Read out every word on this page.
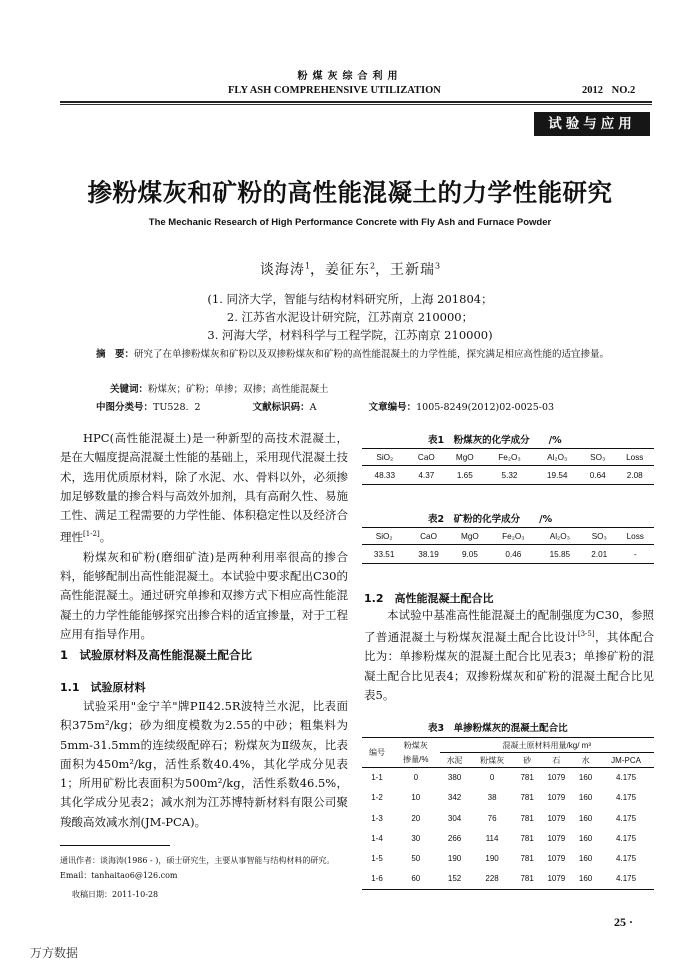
粉煤灰综合利用
FLY ASH COMPREHENSIVE UTILIZATION	2012 NO.2
试验与应用
掺粉煤灰和矿粉的高性能混凝土的力学性能研究
The Mechanic Research of High Performance Concrete with Fly Ash and Furnace Powder
谈海涛$^1$，姜征东$^2$，王新瑞$^3$
(1. 同济大学，智能与结构材料研究所，上海 201804；
2. 江苏省水泥设计研究院，江苏南京 210000；
3. 河海大学，材料科学与工程学院，江苏南京 210000)
摘　要：研究了在单掺粉煤灰和矿粉以及双掺粉煤灰和矿粉的高性能混凝土的力学性能，探究满足相应高性能的适宜掺量。
关键词：粉煤灰；矿粉；单掺；双掺；高性能混凝土
中图分类号：TU528. 2	文献标识码：A	文章编号：1005-8249(2012)02-0025-03

HPC(高性能混凝土)是一种新型的高技术混凝土，是在大幅度提高混凝土性能的基础上，采用现代混凝土技术，选用优质原材料，除了水泥、水、骨料以外，必须掺加足够数量的掺合料与高效外加剂，具有高耐久性、易施工性、满足工程需要的力学性能、体积稳定性以及经济合理性[1-2]。

粉煤灰和矿粉(磨细矿渣)是两种利用率很高的掺合料，能够配制出高性能混凝土。本试验中要求配出C30的高性能混凝土。通过研究单掺和双掺方式下相应高性能混凝土的力学性能能够探究出掺合料的适宜掺量，对于工程应用有指导作用。

1　试验原材料及高性能混凝土配合比
1.1　试验原材料

试验采用"金宁羊"牌PⅡ42.5R波特兰水泥，比表面积375m²/kg；砂为细度模数为2.55的中砂；粗集料为5mm-31.5mm的连续级配碎石；粉煤灰为Ⅱ级灰，比表面积为450m²/kg，活性系数40.4%，其化学成分见表1；所用矿粉比表面积为500m²/kg，活性系数46.5%，其化学成分见表2；减水剂为江苏博特新材料有限公司聚羧酸高效减水剂(JM-PCA)。

通讯作者：谈海涛(1986 - )，硕士研究生，主要从事智能与结构材料的研究。Email：tanhaitao6@126.com
收稿日期：2011-10-28
表1　粉煤灰的化学成分　　/%
SiO₂	CaO	MgO	Fe₂O₃	Al₂O₃	SO₃	Loss
48.33	4.37	1.65	5.32	19.54	0.64	2.08
表2　矿粉的化学成分　　/%
SiO₂	CaO	MgO	Fe₂O₃	Al₂O₃	SO₃	Loss
33.51	38.19	9.05	0.46	15.85	2.01	-
1.2　高性能混凝土配合比

本试验中基准高性能混凝土的配制强度为C30，参照了普通混凝土与粉煤灰混凝土配合比设计[3-5]，其体配合比为：单掺粉煤灰的混凝土配合比见表3；单掺矿粉的混凝土配合比见表4；双掺粉煤灰和矿粉的混凝土配合比见表5。

表3　单掺粉煤灰的混凝土配合比
编号	粉煤灰	混凝土原材料用量/kg/ m³					
	掺量/%	水泥	粉煤灰	砂	石	水	JM-PCA
1-1	0	380	0	781	1079	160	4.175
1-2	10	342	38	781	1079	160	4.175
1-3	20	304	76	781	1079	160	4.175
1-4	30	266	114	781	1079	160	4.175
1-5	50	190	190	781	1079	160	4.175
1-6	60	152	228	781	1079	160	4.175
25 ·
万方数据
